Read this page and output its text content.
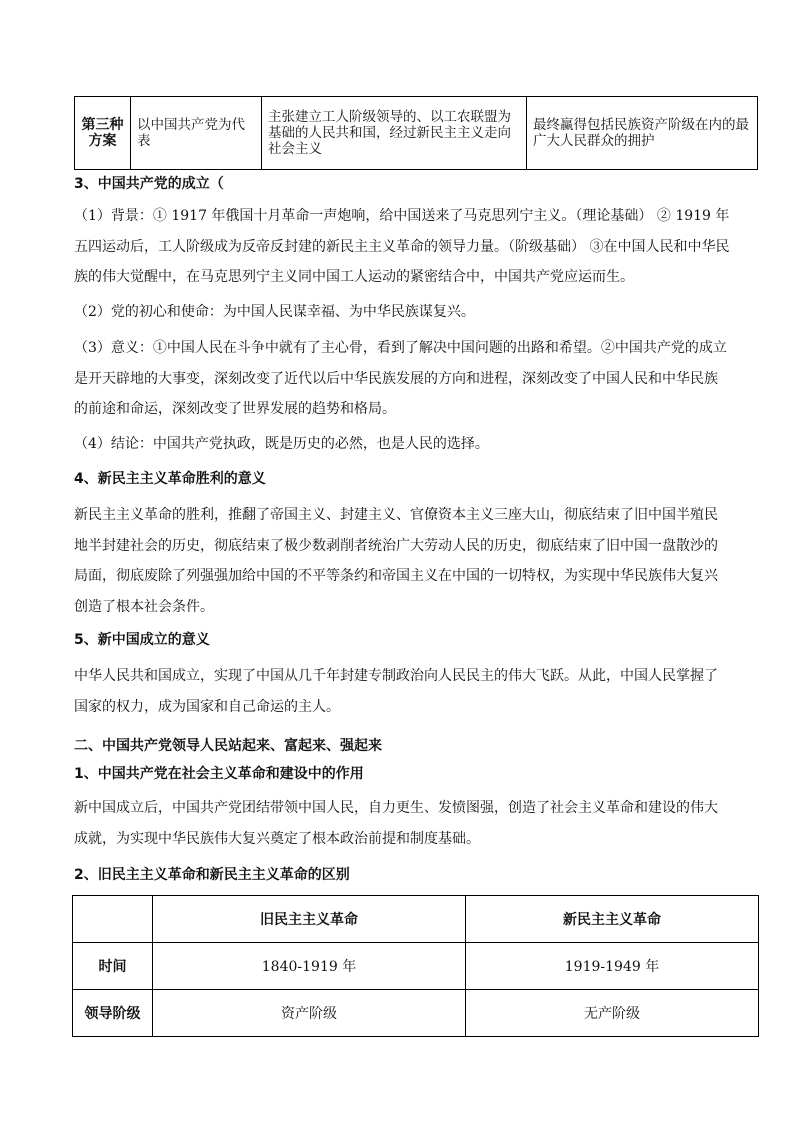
第三种方案	以中国共产党为代表	主张建立工人阶级领导的、以工农联盟为基础的人民共和国，经过新民主主义走向社会主义	最终赢得包括民族资产阶级在内的最广大人民群众的拥护
3、中国共产党的成立（

（1）背景：① 1917 年俄国十月革命一声炮响，给中国送来了马克思列宁主义。（理论基础） ② 1919 年五四运动后，工人阶级成为反帝反封建的新民主主义革命的领导力量。（阶级基础） ③在中国人民和中华民族的伟大觉醒中，在马克思列宁主义同中国工人运动的紧密结合中，中国共产党应运而生。

（2）党的初心和使命：为中国人民谋幸福、为中华民族谋复兴。

（3）意义：①中国人民在斗争中就有了主心骨，看到了解决中国问题的出路和希望。②中国共产党的成立是开天辟地的大事变，深刻改变了近代以后中华民族发展的方向和进程，深刻改变了中国人民和中华民族的前途和命运，深刻改变了世界发展的趋势和格局。

（4）结论：中国共产党执政，既是历史的必然，也是人民的选择。

4、新民主主义革命胜利的意义

新民主主义革命的胜利，推翻了帝国主义、封建主义、官僚资本主义三座大山，彻底结束了旧中国半殖民地半封建社会的历史，彻底结束了极少数剥削者统治广大劳动人民的历史，彻底结束了旧中国一盘散沙的局面，彻底废除了列强强加给中国的不平等条约和帝国主义在中国的一切特权，为实现中华民族伟大复兴创造了根本社会条件。

5、新中国成立的意义

中华人民共和国成立，实现了中国从几千年封建专制政治向人民民主的伟大飞跃。从此，中国人民掌握了国家的权力，成为国家和自己命运的主人。

二、中国共产党领导人民站起来、富起来、强起来
1、中国共产党在社会主义革命和建设中的作用

新中国成立后，中国共产党团结带领中国人民，自力更生、发愤图强，创造了社会主义革命和建设的伟大成就，为实现中华民族伟大复兴奠定了根本政治前提和制度基础。

2、旧民主主义革命和新民主主义革命的区别
	旧民主主义革命	新民主主义革命
时间	1840-1919 年	1919-1949 年
领导阶级	资产阶级	无产阶级
